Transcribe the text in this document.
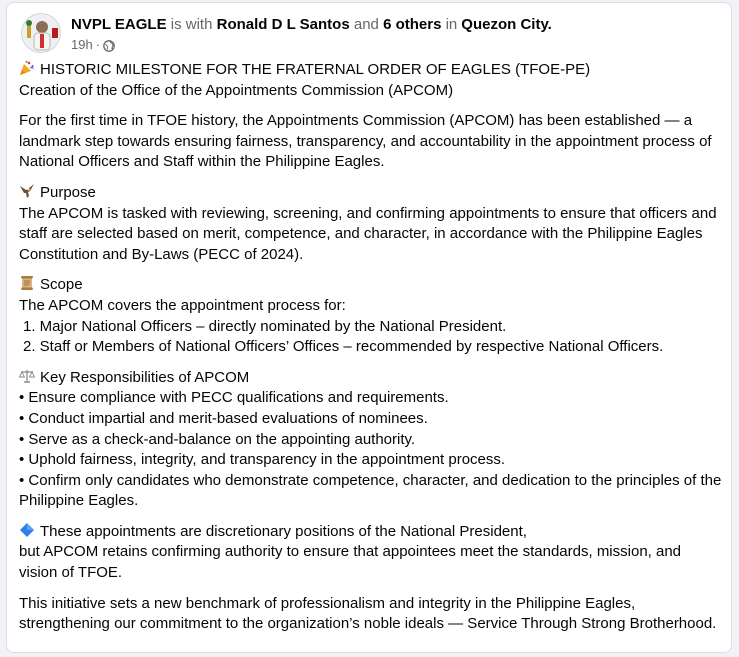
NVPL EAGLE is with Ronald D L Santos and 6 others in Quezon City.
19h ·

HISTORIC MILESTONE FOR THE FRATERNAL ORDER OF EAGLES (TFOE-PE)

Creation of the Office of the Appointments Commission (APCOM)

For the first time in TFOE history, the Appointments Commission (APCOM) has been established — a landmark step towards ensuring fairness, transparency, and accountability in the appointment process of National Officers and Staff within the Philippine Eagles.

Purpose

The APCOM is tasked with reviewing, screening, and confirming appointments to ensure that officers and staff are selected based on merit, competence, and character, in accordance with the Philippine Eagles Constitution and By-Laws (PECC of 2024).

Scope

The APCOM covers the appointment process for:

1. Major National Officers – directly nominated by the National President.

2. Staff or Members of National Officers’ Offices – recommended by respective National Officers.

Key Responsibilities of APCOM

• Ensure compliance with PECC qualifications and requirements.

• Conduct impartial and merit-based evaluations of nominees.

• Serve as a check-and-balance on the appointing authority.

• Uphold fairness, integrity, and transparency in the appointment process.

• Confirm only candidates who demonstrate competence, character, and dedication to the principles of the Philippine Eagles.

These appointments are discretionary positions of the National President,

but APCOM retains confirming authority to ensure that appointees meet the standards, mission, and vision of TFOE.

This initiative sets a new benchmark of professionalism and integrity in the Philippine Eagles, strengthening our commitment to the organization’s noble ideals — Service Through Strong Brotherhood.
